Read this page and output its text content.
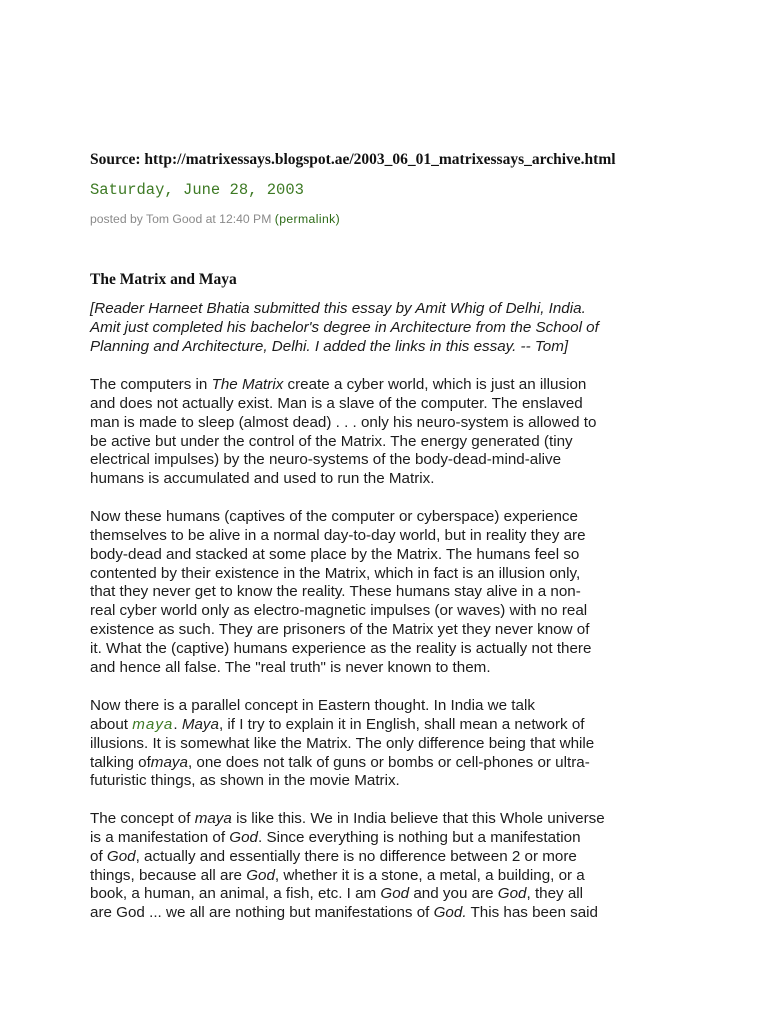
Source: http://matrixessays.blogspot.ae/2003_06_01_matrixessays_archive.html
Saturday, June 28, 2003
posted by Tom Good at 12:40 PM (permalink)
The Matrix and Maya

[Reader Harneet Bhatia submitted this essay by Amit Whig of Delhi, India.
Amit just completed his bachelor's degree in Architecture from the School of
Planning and Architecture, Delhi. I added the links in this essay. -- Tom]

The computers in The Matrix create a cyber world, which is just an illusion
and does not actually exist. Man is a slave of the computer. The enslaved
man is made to sleep (almost dead) . . . only his neuro-system is allowed to
be active but under the control of the Matrix. The energy generated (tiny
electrical impulses) by the neuro-systems of the body-dead-mind-alive
humans is accumulated and used to run the Matrix.

Now these humans (captives of the computer or cyberspace) experience
themselves to be alive in a normal day-to-day world, but in reality they are
body-dead and stacked at some place by the Matrix. The humans feel so
contented by their existence in the Matrix, which in fact is an illusion only,
that they never get to know the reality. These humans stay alive in a non-
real cyber world only as electro-magnetic impulses (or waves) with no real
existence as such. They are prisoners of the Matrix yet they never know of
it. What the (captive) humans experience as the reality is actually not there
and hence all false. The "real truth" is never known to them.

Now there is a parallel concept in Eastern thought. In India we talk
about maya. Maya, if I try to explain it in English, shall mean a network of
illusions. It is somewhat like the Matrix. The only difference being that while
talking ofmaya, one does not talk of guns or bombs or cell-phones or ultra-
futuristic things, as shown in the movie Matrix.

The concept of maya is like this. We in India believe that this Whole universe
is a manifestation of God. Since everything is nothing but a manifestation
of God, actually and essentially there is no difference between 2 or more
things, because all are God, whether it is a stone, a metal, a building, or a
book, a human, an animal, a fish, etc. I am God and you are God, they all
are God ... we all are nothing but manifestations of God. This has been said
